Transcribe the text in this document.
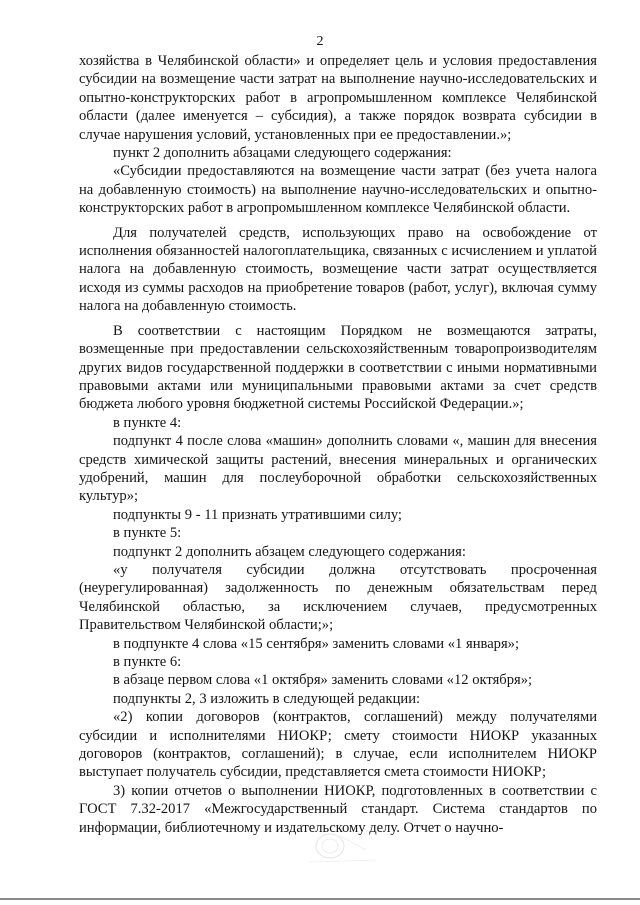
2

хозяйства в Челябинской области» и определяет цель и условия предоставления субсидии на возмещение части затрат на выполнение научно-исследовательских и опытно-конструкторских работ в агропромышленном комплексе Челябинской области (далее именуется – субсидия), а также порядок возврата субсидии в случае нарушения условий, установленных при ее предоставлении.»;

пункт 2 дополнить абзацами следующего содержания:

«Субсидии предоставляются на возмещение части затрат (без учета налога на добавленную стоимость) на выполнение научно-исследовательских и опытно-конструкторских работ в агропромышленном комплексе Челябинской области.

Для получателей средств, использующих право на освобождение от исполнения обязанностей налогоплательщика, связанных с исчислением и уплатой налога на добавленную стоимость, возмещение части затрат осуществляется исходя из суммы расходов на приобретение товаров (работ, услуг), включая сумму налога на добавленную стоимость.

В соответствии с настоящим Порядком не возмещаются затраты, возмещенные при предоставлении сельскохозяйственным товаропроизводителям других видов государственной поддержки в соответствии с иными нормативными правовыми актами или муниципальными правовыми актами за счет средств бюджета любого уровня бюджетной системы Российской Федерации.»;

в пункте 4:

подпункт 4 после слова «машин» дополнить словами «, машин для внесения средств химической защиты растений, внесения минеральных и органических удобрений, машин для послеуборочной обработки сельскохозяйственных культур»;

подпункты 9 - 11 признать утратившими силу;

в пункте 5:

подпункт 2 дополнить абзацем следующего содержания:

«у получателя субсидии должна отсутствовать просроченная (неурегулированная) задолженность по денежным обязательствам перед Челябинской областью, за исключением случаев, предусмотренных Правительством Челябинской области;»;

в подпункте 4 слова «15 сентября» заменить словами «1 января»;

в пункте 6:

в абзаце первом слова «1 октября» заменить словами «12 октября»;

подпункты 2, 3 изложить в следующей редакции:

«2) копии договоров (контрактов, соглашений) между получателями субсидии и исполнителями НИОКР; смету стоимости НИОКР указанных договоров (контрактов, соглашений); в случае, если исполнителем НИОКР выступает получатель субсидии, представляется смета стоимости НИОКР;

3) копии отчетов о выполнении НИОКР, подготовленных в соответствии с ГОСТ 7.32-2017 «Межгосударственный стандарт. Система стандартов по информации, библиотечному и издательскому делу. Отчет о научно-
